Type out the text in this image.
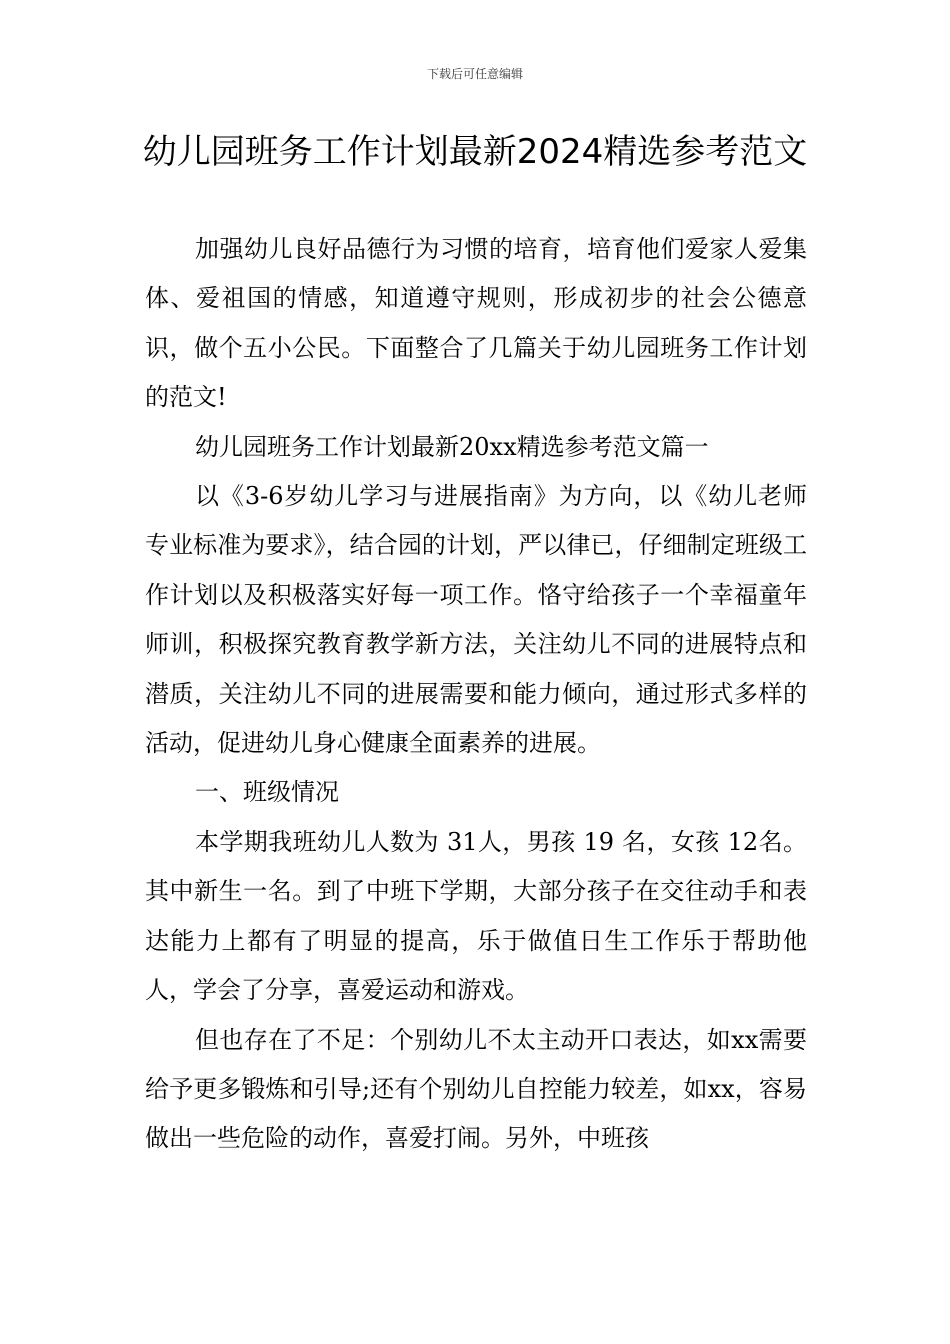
下载后可任意编辑
幼儿园班务工作计划最新2024精选参考范文

加强幼儿良好品德行为习惯的培育，培育他们爱家人爱集体、爱祖国的情感，知道遵守规则，形成初步的社会公德意识，做个五小公民。下面整合了几篇关于幼儿园班务工作计划的范文!

幼儿园班务工作计划最新20xx精选参考范文篇一

以《3-6岁幼儿学习与进展指南》为方向，以《幼儿老师专业标准为要求》，结合园的计划，严以律已，仔细制定班级工作计划以及积极落实好每一项工作。恪守给孩子一个幸福童年师训，积极探究教育教学新方法，关注幼儿不同的进展特点和潜质，关注幼儿不同的进展需要和能力倾向，通过形式多样的活动，促进幼儿身心健康全面素养的进展。

一、班级情况

本学期我班幼儿人数为 31人，男孩 19 名，女孩 12名。其中新生一名。到了中班下学期，大部分孩子在交往动手和表达能力上都有了明显的提高，乐于做值日生工作乐于帮助他人，学会了分享，喜爱运动和游戏。

但也存在了不足：个别幼儿不太主动开口表达，如xx需要给予更多锻炼和引导;还有个别幼儿自控能力较差，如xx，容易做出一些危险的动作，喜爱打闹。另外，中班孩
